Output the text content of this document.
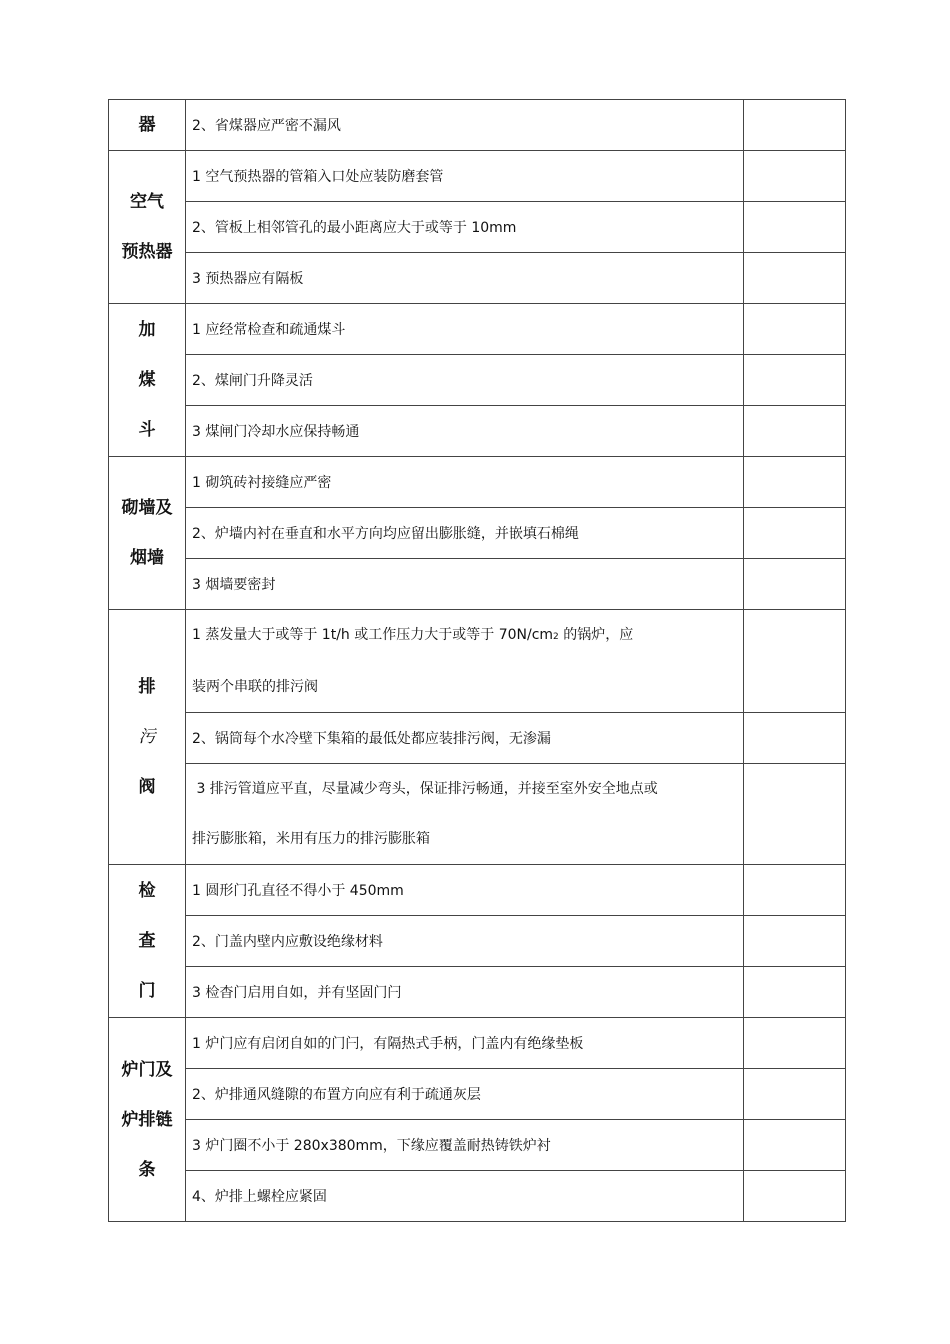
器	2、省煤器应严密不漏风	

空气
预热器	1 空气预热器的管箱入口处应装防磨套管	
	2、管板上相邻管孔的最小距离应大于或等于 10mm	
	3 预热器应有隔板	

加
煤
斗	1 应经常检查和疏通煤斗	
	2、煤闸门升降灵活	
	3 煤闸门冷却水应保持畅通	

砌墙及
烟墙	1 砌筑砖衬接缝应严密	
	2、炉墙内衬在垂直和水平方向均应留出膨胀缝，并嵌填石棉绳	
	3 烟墙要密封	

排
污
阀	1 蒸发量大于或等于 1t/h 或工作压力大于或等于 70N/cm2 的锅炉，应
装两个串联的排污阀	

	2、锅筒每个水冷壁下集箱的最低处都应装排污阀，无渗漏	

	3 排污管道应平直，尽量减少弯头，保证排污畅通，并接至室外安全地点或
排污膨胀箱，米用有压力的排污膨胀箱	

检
查
门	1 圆形门孔直径不得小于 450mm	
	2、门盖内壁内应敷设绝缘材料	
	3 检杳门启用自如，并有坚固门闩	

炉门及
炉排链
条	1 炉门应有启闭自如的门闩，有隔热式手柄，门盖内有绝缘垫板	
	2、炉排通风缝隙的布置方向应有利于疏通灰层	
	3 炉门圈不小于 280x380mm，下缘应覆盖耐热铸铁炉衬	
	4、炉排上螺栓应紧固	
